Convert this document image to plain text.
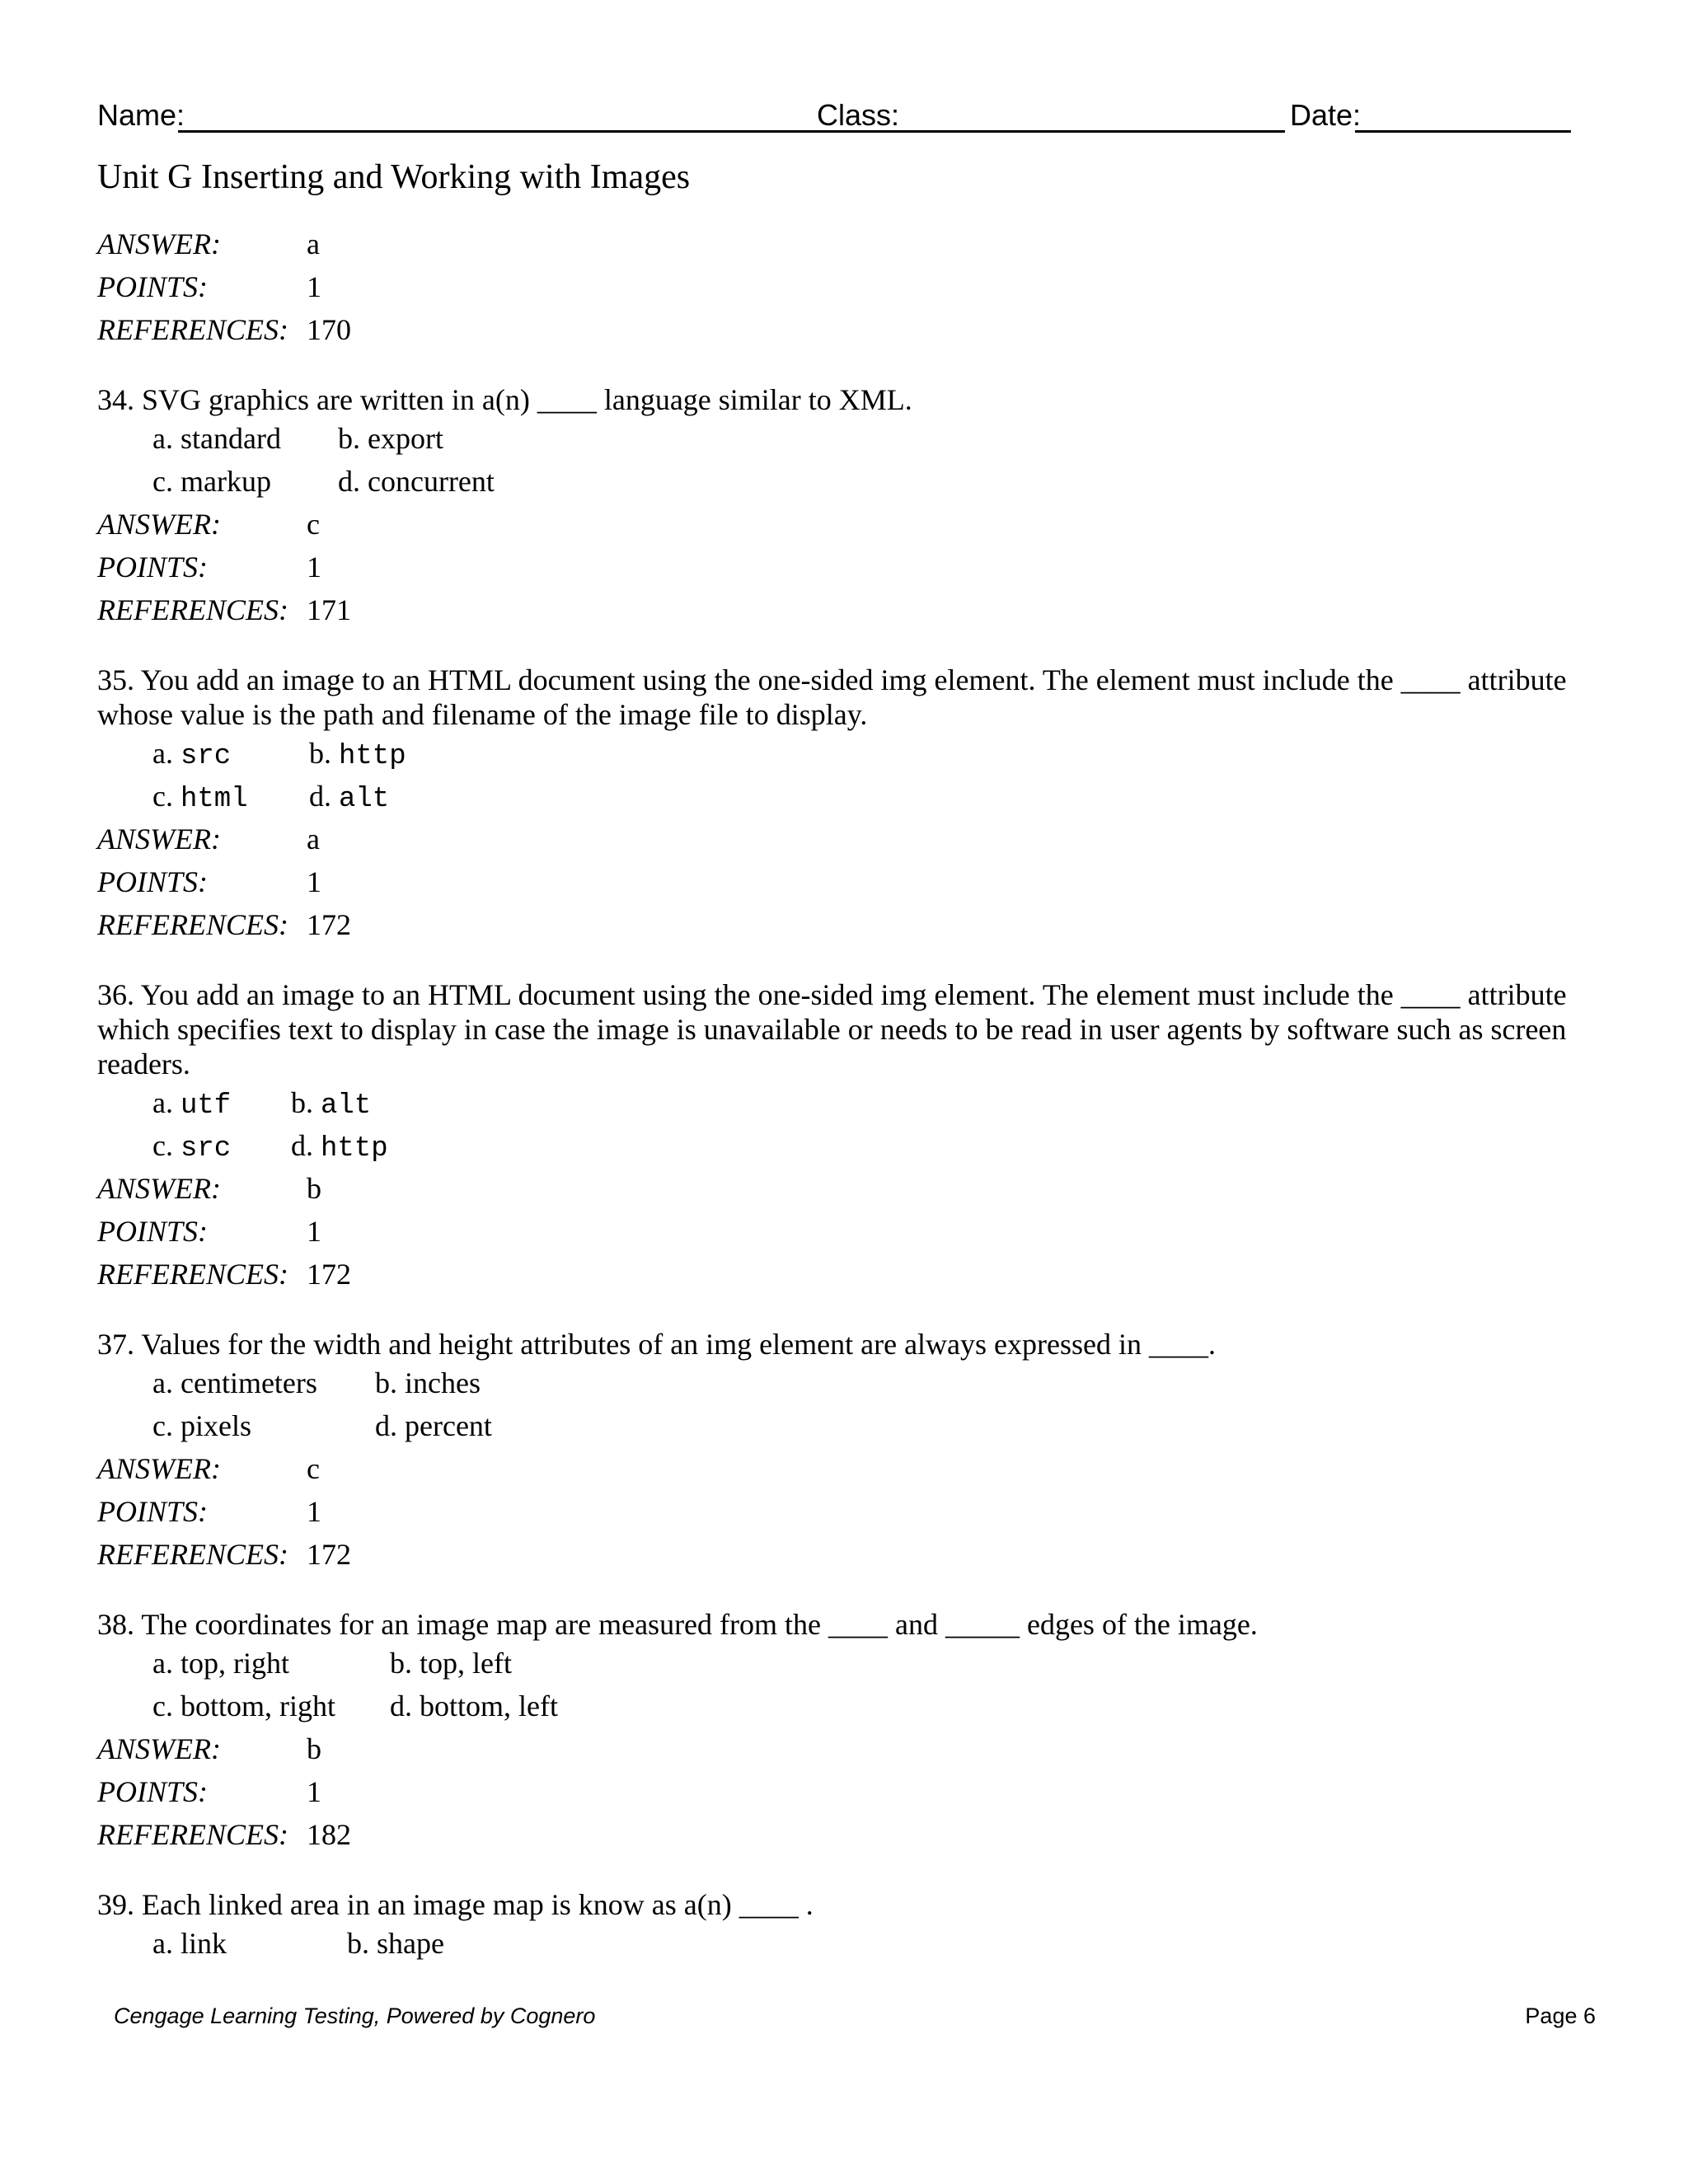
Name:	Class:	Date:
Unit G Inserting and Working with Images
ANSWER:	a
POINTS:	1
REFERENCES: 170
34. SVG graphics are written in a(n) ____ language similar to XML.
a. standard	b. export
c. markup	d. concurrent
ANSWER:	c
POINTS:	1
REFERENCES: 171
35. You add an image to an HTML document using the one-sided img element. The element must include the ____ attribute whose value is the path and filename of the image file to display.
a. src	b. http
c. html	d. alt
ANSWER:	a
POINTS:	1
REFERENCES: 172
36. You add an image to an HTML document using the one-sided img element. The element must include the ____ attribute which specifies text to display in case the image is unavailable or needs to be read in user agents by software such as screen readers.
a. utf	b. alt
c. src	d. http
ANSWER:	b
POINTS:	1
REFERENCES: 172
37. Values for the width and height attributes of an img element are always expressed in ____.
a. centimeters	b. inches
c. pixels	d. percent
ANSWER:	c
POINTS:	1
REFERENCES: 172
38. The coordinates for an image map are measured from the ____ and _____ edges of the image.
a. top, right	b. top, left
c. bottom, right	d. bottom, left
ANSWER:	b
POINTS:	1
REFERENCES: 182
39. Each linked area in an image map is know as a(n) ____ .
a. link	b. shape
Cengage Learning Testing, Powered by Cognero	Page 6
